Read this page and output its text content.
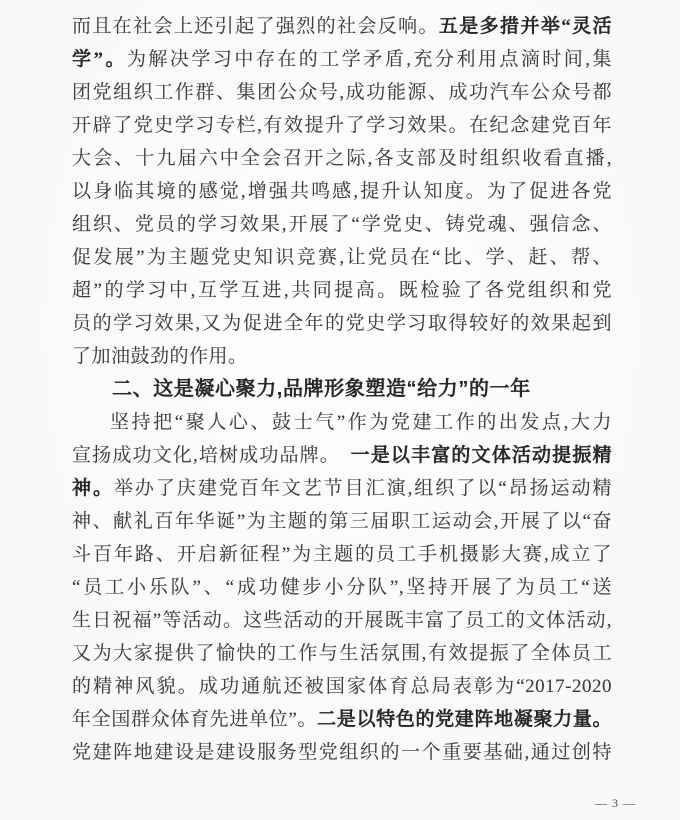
而且在社会上还引起了强烈的社会反响。五是多措并举“灵活
学”。为解决学习中存在的工学矛盾,充分利用点滴时间,集
团党组织工作群、集团公众号,成功能源、成功汽车公众号都
开辟了党史学习专栏,有效提升了学习效果。在纪念建党百年
大会、十九届六中全会召开之际,各支部及时组织收看直播,
以身临其境的感觉,增强共鸣感,提升认知度。为了促进各党
组织、党员的学习效果,开展了“学党史、铸党魂、强信念、
促发展”为主题党史知识竞赛,让党员在“比、学、赶、帮、
超”的学习中,互学互进,共同提高。既检验了各党组织和党
员的学习效果,又为促进全年的党史学习取得较好的效果起到
了加油鼓劲的作用。
二、这是凝心聚力,品牌形象塑造“给力”的一年
坚持把“聚人心、鼓士气”作为党建工作的出发点,大力
宣扬成功文化,培树成功品牌。　一是以丰富的文体活动提振精
神。举办了庆建党百年文艺节目汇演,组织了以“昂扬运动精
神、献礼百年华诞”为主题的第三届职工运动会,开展了以“奋
斗百年路、开启新征程”为主题的员工手机摄影大赛,成立了
“员工小乐队”、“成功健步小分队”,坚持开展了为员工“送
生日祝福”等活动。这些活动的开展既丰富了员工的文体活动,
又为大家提供了愉快的工作与生活氛围,有效提振了全体员工
的精神风貌。成功通航还被国家体育总局表彰为“2017-2020
年全国群众体育先进单位”。二是以特色的党建阵地凝聚力量。
党建阵地建设是建设服务型党组织的一个重要基础,通过创特
— 3 —
